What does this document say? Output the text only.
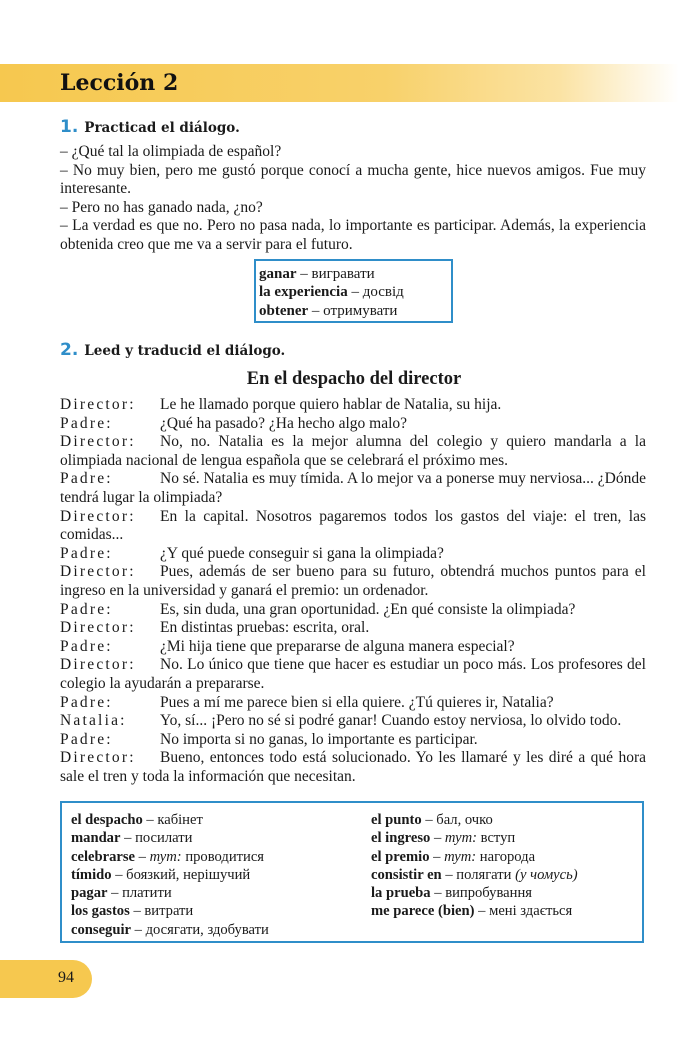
Lección 2
1. Practicad el diálogo.

– ¿Qué tal la olimpiada de español?

– No muy bien, pero me gustó porque conocí a mucha gente, hice nuevos amigos. Fue muy interesante.

– Pero no has ganado nada, ¿no?

– La verdad es que no. Pero no pasa nada, lo importante es participar. Además, la experiencia obtenida creo que me va a servir para el futuro.

ganar – вигравати
la experiencia – досвід
obtener – отримувати
2. Leed y traducid el diálogo.
En el despacho del director

Director: Le he llamado porque quiero hablar de Natalia, su hija.

Padre:	¿Qué ha pasado? ¿Ha hecho algo malo?

Director: No, no. Natalia es la mejor alumna del colegio y quiero mandarla a la olimpiada nacional de lengua española que se celebrará el próximo mes.

Padre:	No sé. Natalia es muy tímida. A lo mejor va a ponerse muy nerviosa... ¿Dónde tendrá lugar la olimpiada?

Director: En la capital. Nosotros pagaremos todos los gastos del viaje: el tren, las comidas...

Padre:	¿Y qué puede conseguir si gana la olimpiada?

Director: Pues, además de ser bueno para su futuro, obtendrá muchos puntos para el ingreso en la universidad y ganará el premio: un ordenador.

Padre:	Es, sin duda, una gran oportunidad. ¿En qué consiste la olimpiada?

Director: En distintas pruebas: escrita, oral.

Padre:	¿Mi hija tiene que prepararse de alguna manera especial?

Director: No. Lo único que tiene que hacer es estudiar un poco más. Los profesores del colegio la ayudarán a prepararse.

Padre:	Pues a mí me parece bien si ella quiere. ¿Tú quieres ir, Natalia?

Natalia: Yo, sí... ¡Pero no sé si podré ganar! Cuando estoy nerviosa, lo olvido todo.

Padre:	No importa si no ganas, lo importante es participar.

Director: Bueno, entonces todo está solucionado. Yo les llamaré y les diré a qué hora sale el tren y toda la información que necesitan.

el despacho – кабінет
mandar – посилати
celebrarse – тут: проводитися
tímido – боязкий, нерішучий
pagar – платити
los gastos – витрати
conseguir – досягати, здобувати
el punto – бал, очко
el ingreso – тут: вступ
el premio – тут: нагорода
consistir en – полягати (у чомусь)
la prueba – випробування
me parece (bien) – мені здається
94
